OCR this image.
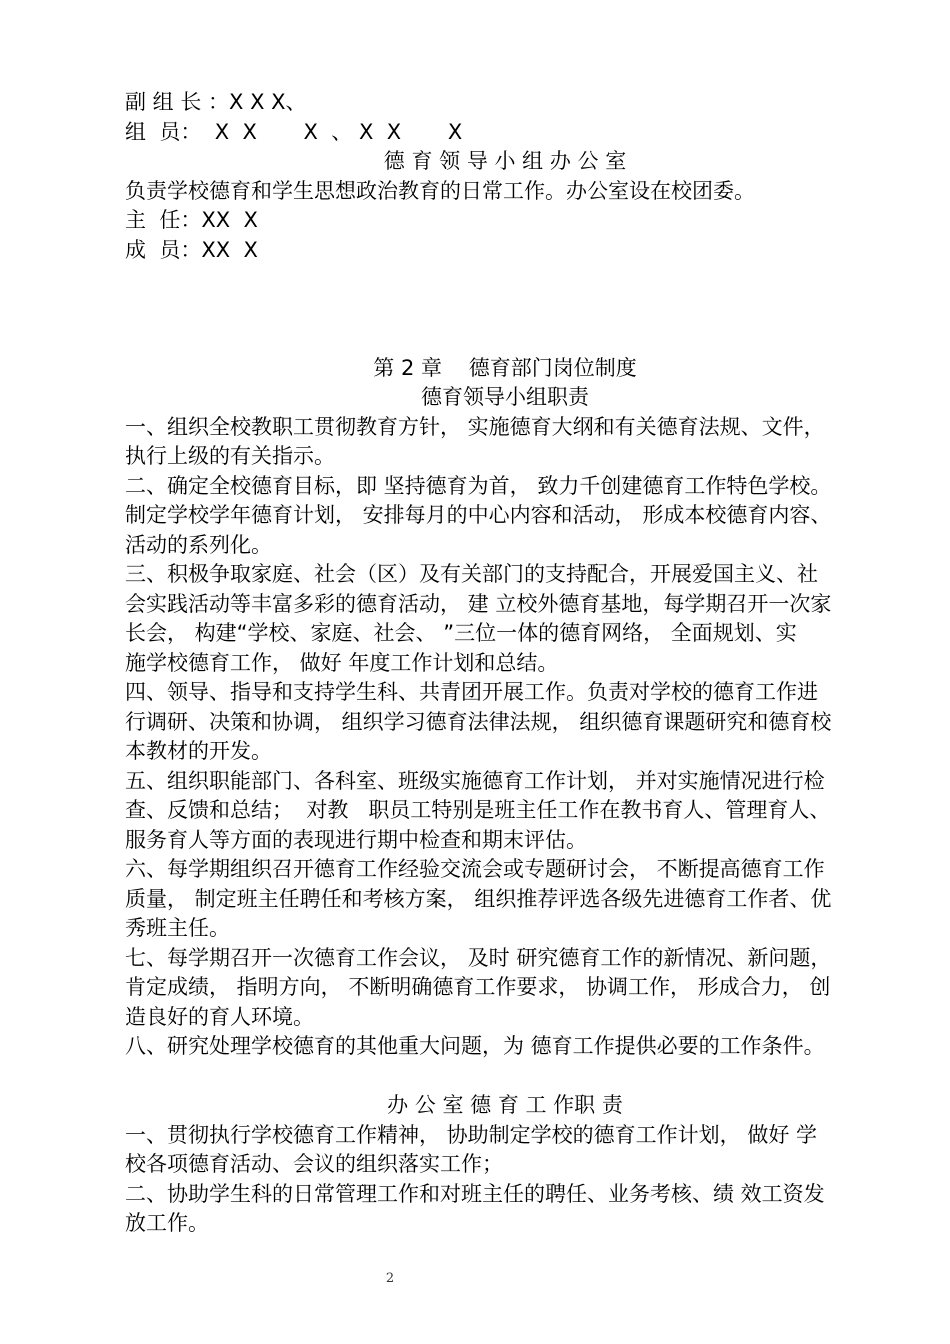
副 组 长 ：X X X、
组  员：  X  X       X  、 X  X       X
德 育 领 导 小 组 办 公 室
负责学校德育和学生思想政治教育的日常工作。办公室设在校团委。
主  任：XX  X
成  员：XX  X
第 2 章    德育部门岗位制度
德育领导小组职责
一、组织全校教职工贯彻教育方针， 实施德育大纲和有关德育法规、文件，
执行上级的有关指示。
二、确定全校德育目标，即 坚持德育为首， 致力千创建德育工作特色学校。
制定学校学年德育计划， 安排每月的中心内容和活动， 形成本校德育内容、
活动的系列化。
三、积极争取家庭、社会（区）及有关部门的支持配合，开展爱国主义、社
会实践活动等丰富多彩的德育活动， 建 立校外德育基地，每学期召开一次家
长会， 构建“学校、家庭、社会、 ”三位一体的德育网络， 全面规划、实
施学校德育工作， 做好 年度工作计划和总结。
四、领导、指导和支持学生科、共青团开展工作。负责对学校的德育工作进
行调研、决策和协调， 组织学习德育法律法规， 组织德育课题研究和德育校
本教材的开发。
五、组织职能部门、各科室、班级实施德育工作计划， 并对实施情况进行检
查、反馈和总结；  对教   职员工特别是班主任工作在教书育人、管理育人、
服务育人等方面的表现进行期中检查和期末评估。
六、每学期组织召开德育工作经验交流会或专题研讨会， 不断提高德育工作
质量， 制定班主任聘任和考核方案， 组织推荐评选各级先进德育工作者、优
秀班主任。
七、每学期召开一次德育工作会议， 及时 研究德育工作的新情况、新问题，
肯定成绩， 指明方向， 不断明确德育工作要求， 协调工作， 形成合力， 创
造良好的育人环境。
八、研究处理学校德育的其他重大问题，为 德育工作提供必要的工作条件。
办 公 室 德 育 工 作职 责
一、贯彻执行学校德育工作精神， 协助制定学校的德育工作计划， 做好 学
校各项德育活动、会议的组织落实工作；
二、协助学生科的日常管理工作和对班主任的聘任、业务考核、绩 效工资发
放工作。
2
